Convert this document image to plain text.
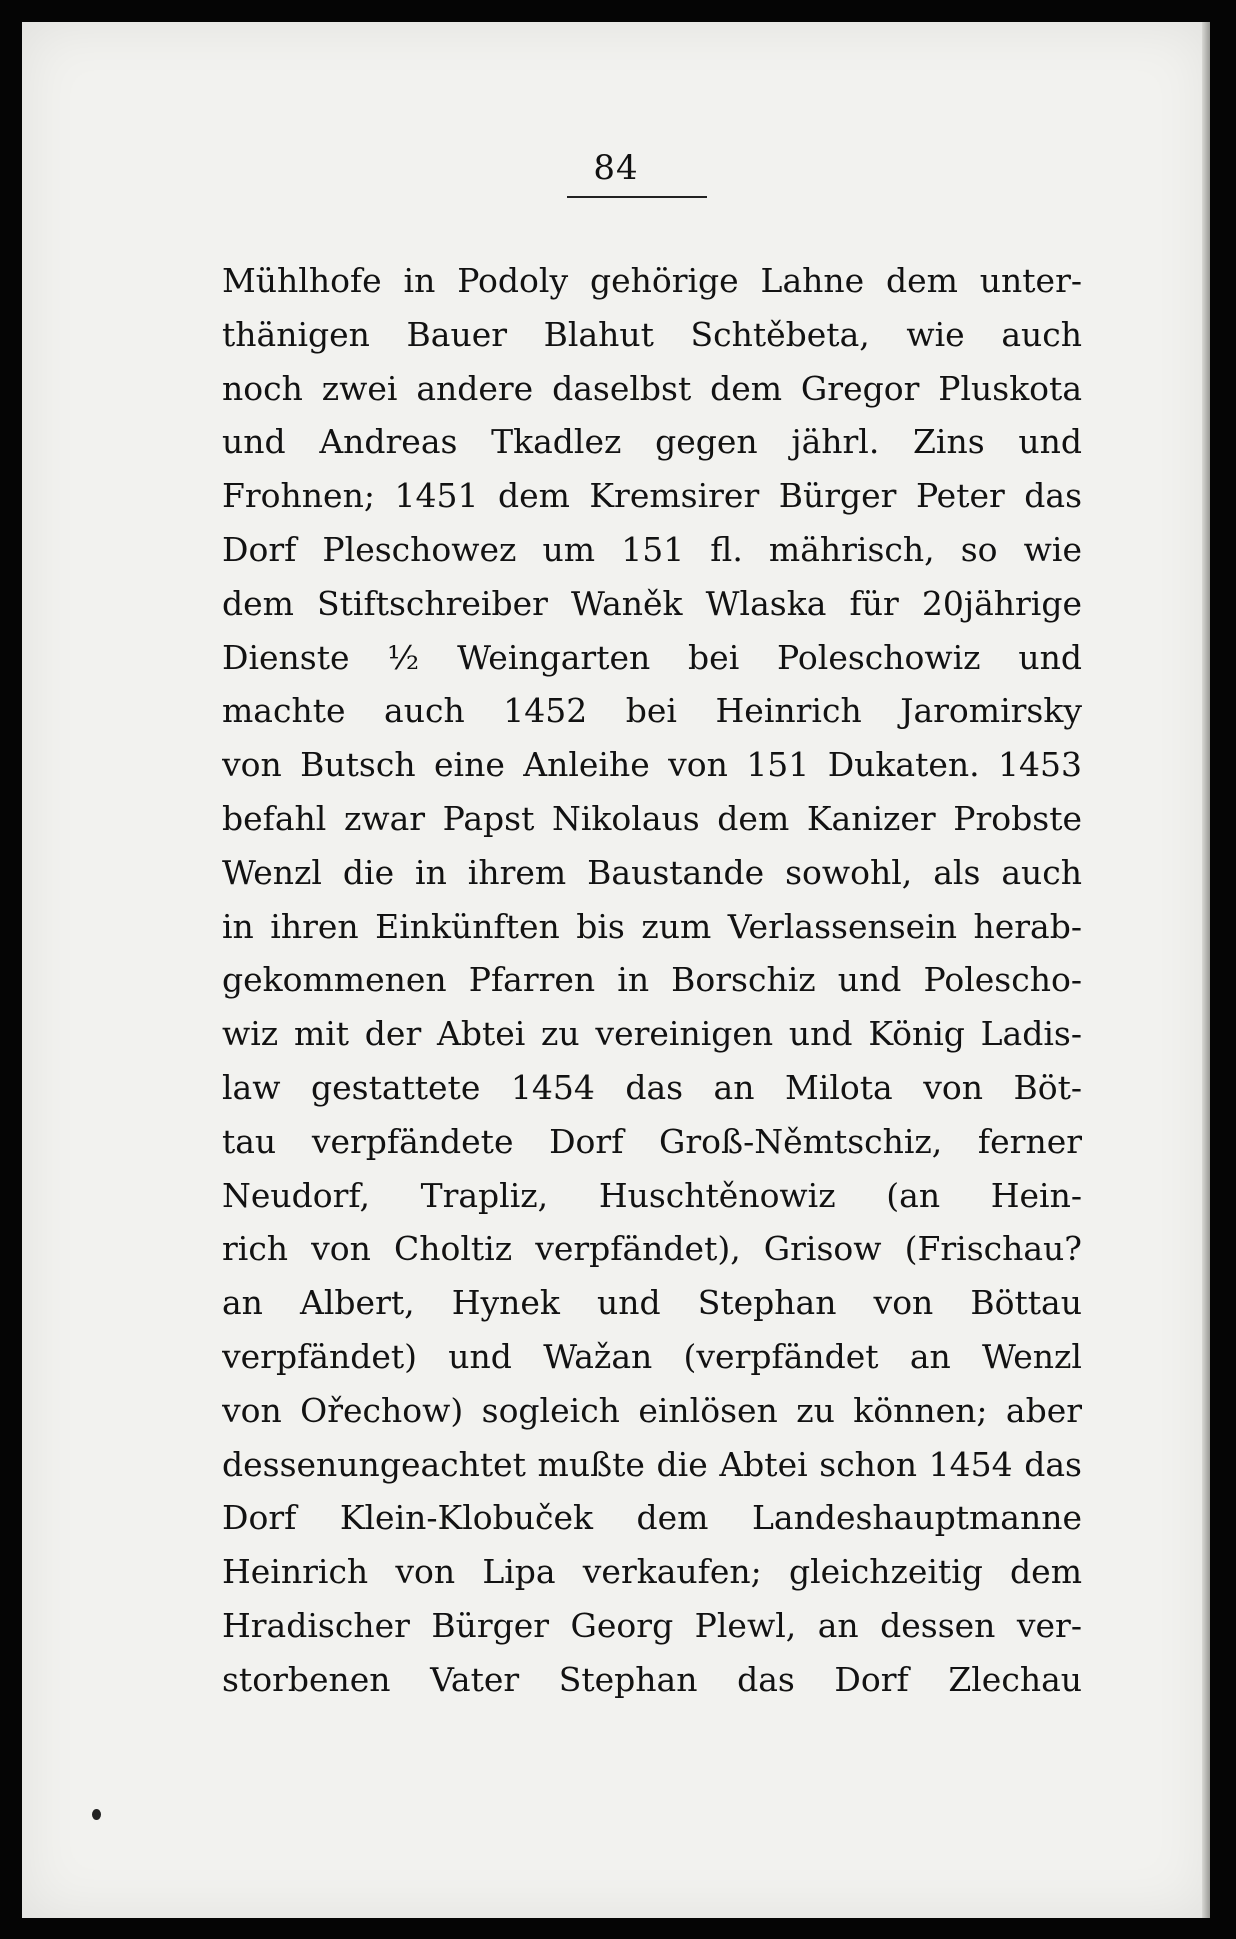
84
Mühlhofe in Podoly gehörige Lahne dem unter-
thänigen Bauer Blahut Schtěbeta, wie auch
noch zwei andere daselbst dem Gregor Pluskota
und Andreas Tkadlez gegen jährl. Zins und
Frohnen; 1451 dem Kremsirer Bürger Peter das
Dorf Pleschowez um 151 fl. mährisch, so wie
dem Stiftschreiber Waněk Wlaska für 20jährige
Dienste ½ Weingarten bei Poleschowiz und
machte auch 1452 bei Heinrich Jaromirsky
von Butsch eine Anleihe von 151 Dukaten. 1453
befahl zwar Papst Nikolaus dem Kanizer Probste
Wenzl die in ihrem Baustande sowohl, als auch
in ihren Einkünften bis zum Verlassensein herab-
gekommenen Pfarren in Borschiz und Polescho-
wiz mit der Abtei zu vereinigen und König Ladis-
law gestattete 1454 das an Milota von Böt-
tau verpfändete Dorf Groß-Němtschiz, ferner
Neudorf, Trapliz, Huschtěnowiz (an Hein-
rich von Choltiz verpfändet), Grisow (Frischau?
an Albert, Hynek und Stephan von Böttau
verpfändet) und Wažan (verpfändet an Wenzl
von Ořechow) sogleich einlösen zu können; aber
dessenungeachtet mußte die Abtei schon 1454 das
Dorf Klein-Klobuček dem Landeshauptmanne
Heinrich von Lipa verkaufen; gleichzeitig dem
Hradischer Bürger Georg Plewl, an dessen ver-
storbenen Vater Stephan das Dorf Zlechau
